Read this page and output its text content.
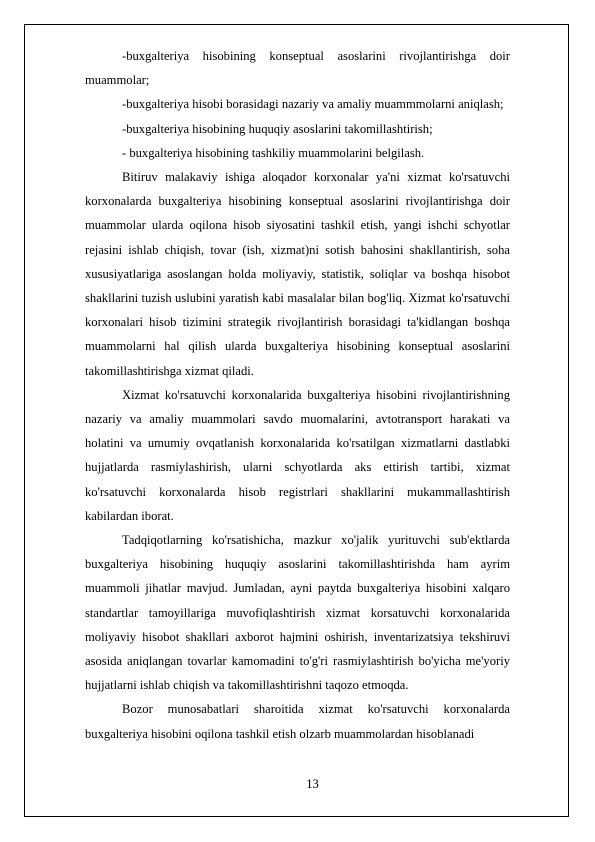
-buxgalteriya hisobining konseptual asoslarini rivojlantirishga doir muammolar;

-buxgalteriya hisobi borasidagi nazariy va amaliy muammmolarni aniqlash;

-buxgalteriya hisobining huquqiy asoslarini takomillashtirish;

- buxgalteriya hisobining tashkiliy muammolarini belgilash.

Bitiruv malakaviy ishiga aloqador korxonalar ya'ni xizmat ko'rsatuvchi korxonalarda buxgalteriya hisobining konseptual asoslarini rivojlantirishga doir muammolar ularda oqilona hisob siyosatini tashkil etish, yangi ishchi schyotlar rejasini ishlab chiqish, tovar (ish, xizmat)ni sotish bahosini shakllantirish, soha xususiyatlariga asoslangan holda moliyaviy, statistik, soliqlar va boshqa hisobot shakllarini tuzish uslubini yaratish kabi masalalar bilan bog'liq. Xizmat ko'rsatuvchi korxonalari hisob tizimini strategik rivojlantirish borasidagi ta'kidlangan boshqa muammolarni hal qilish ularda buxgalteriya hisobining konseptual asoslarini takomillashtirishga xizmat qiladi.

Xizmat ko'rsatuvchi korxonalarida buxgalteriya hisobini rivojlantirishning nazariy va amaliy muammolari savdo muomalarini, avtotransport harakati va holatini va umumiy ovqatlanish korxonalarida ko'rsatilgan xizmatlarni dastlabki hujjatlarda rasmiylashirish, ularni schyotlarda aks ettirish tartibi, xizmat ko'rsatuvchi korxonalarda hisob registrlari shakllarini mukammallashtirish kabilardan iborat.

Tadqiqotlarning ko'rsatishicha, mazkur xo'jalik yurituvchi sub'ektlarda buxgalteriya hisobining huquqiy asoslarini takomillashtirishda ham ayrim muammoli jihatlar mavjud. Jumladan, ayni paytda buxgalteriya hisobini xalqaro standartlar tamoyillariga muvofiqlashtirish xizmat korsatuvchi korxonalarida moliyaviy hisobot shakllari axborot hajmini oshirish, inventarizatsiya tekshiruvi asosida aniqlangan tovarlar kamomadini to'g'ri rasmiylashtirish bo'yicha me'yoriy hujjatlarni ishlab chiqish va takomillashtirishni taqozo etmoqda.

Bozor munosabatlari sharoitida xizmat ko'rsatuvchi korxonalarda buxgalteriya hisobini oqilona tashkil etish olzarb muammolardan hisoblanadi

13
